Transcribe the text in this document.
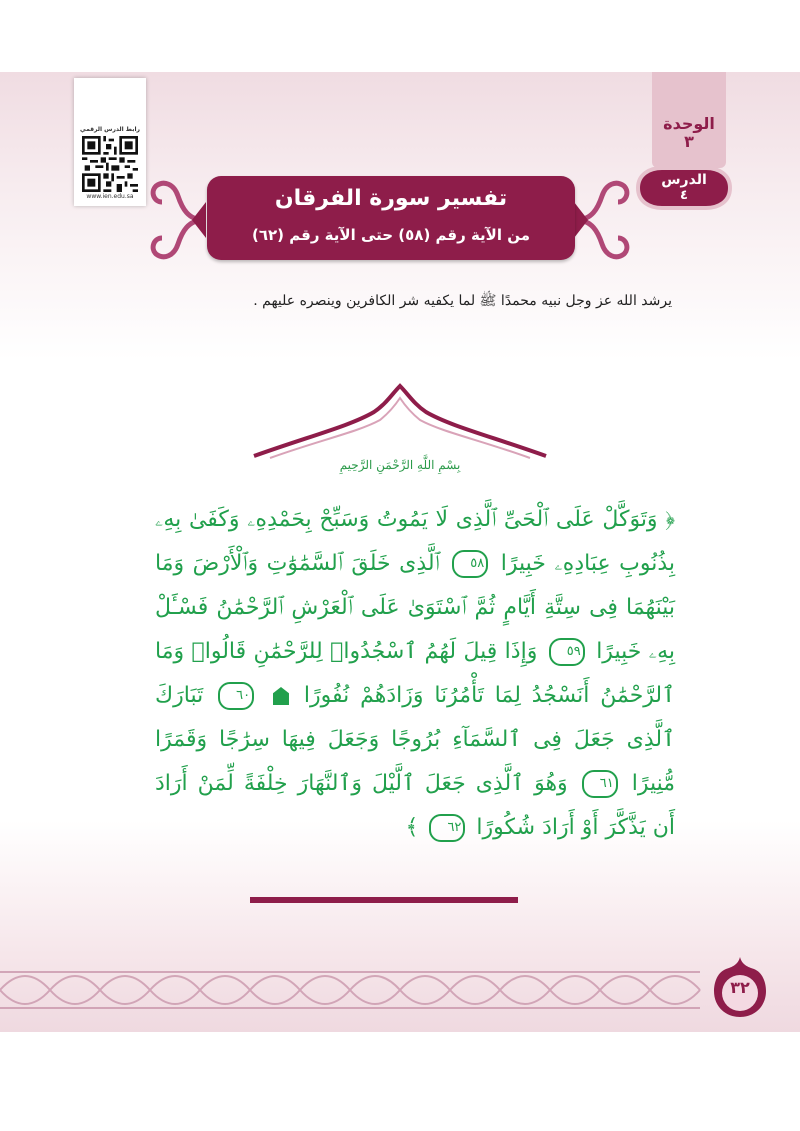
رابط الدرس الرقمي
www.ien.edu.sa
الوحدة
٣
الدرس
٤
تفسير سورة الفرقان
من الآية رقم (٥٨) حتى الآية رقم (٦٢)
يرشد الله عز وجل نبيه محمدًا ﷺ لما يكفيه شر الكافرين وينصره عليهم .
بِسْمِ اللَّهِ الرَّحْمَنِ الرَّحِيمِ
﴿ وَتَوَكَّلْ عَلَى ٱلْحَىِّ ٱلَّذِى لَا يَمُوتُ وَسَبِّحْ بِحَمْدِهِۦ وَكَفَىٰ بِهِۦ بِذُنُوبِ عِبَادِهِۦ خَبِيرًا ٥٨ ٱلَّذِى خَلَقَ ٱلسَّمَٰوَٰتِ وَٱلْأَرْضَ وَمَا بَيْنَهُمَا فِى سِتَّةِ أَيَّامٍ ثُمَّ ٱسْتَوَىٰ عَلَى ٱلْعَرْشِ ٱلرَّحْمَٰنُ فَسْـَٔلْ بِهِۦ خَبِيرًا ٥٩ وَإِذَا قِيلَ لَهُمُ ٱسْجُدُوا۟ لِلرَّحْمَٰنِ قَالُوا۟ وَمَا ٱلرَّحْمَٰنُ أَنَسْجُدُ لِمَا تَأْمُرُنَا وَزَادَهُمْ نُفُورًا  ٦٠ تَبَارَكَ ٱلَّذِى جَعَلَ فِى ٱلسَّمَآءِ بُرُوجًا وَجَعَلَ فِيهَا سِرَٰجًا وَقَمَرًا مُّنِيرًا ٦١ وَهُوَ ٱلَّذِى جَعَلَ ٱلَّيْلَ وَٱلنَّهَارَ خِلْفَةً لِّمَنْ أَرَادَ أَن يَذَّكَّرَ أَوْ أَرَادَ شُكُورًا ٦٢ ﴾
٣٢
